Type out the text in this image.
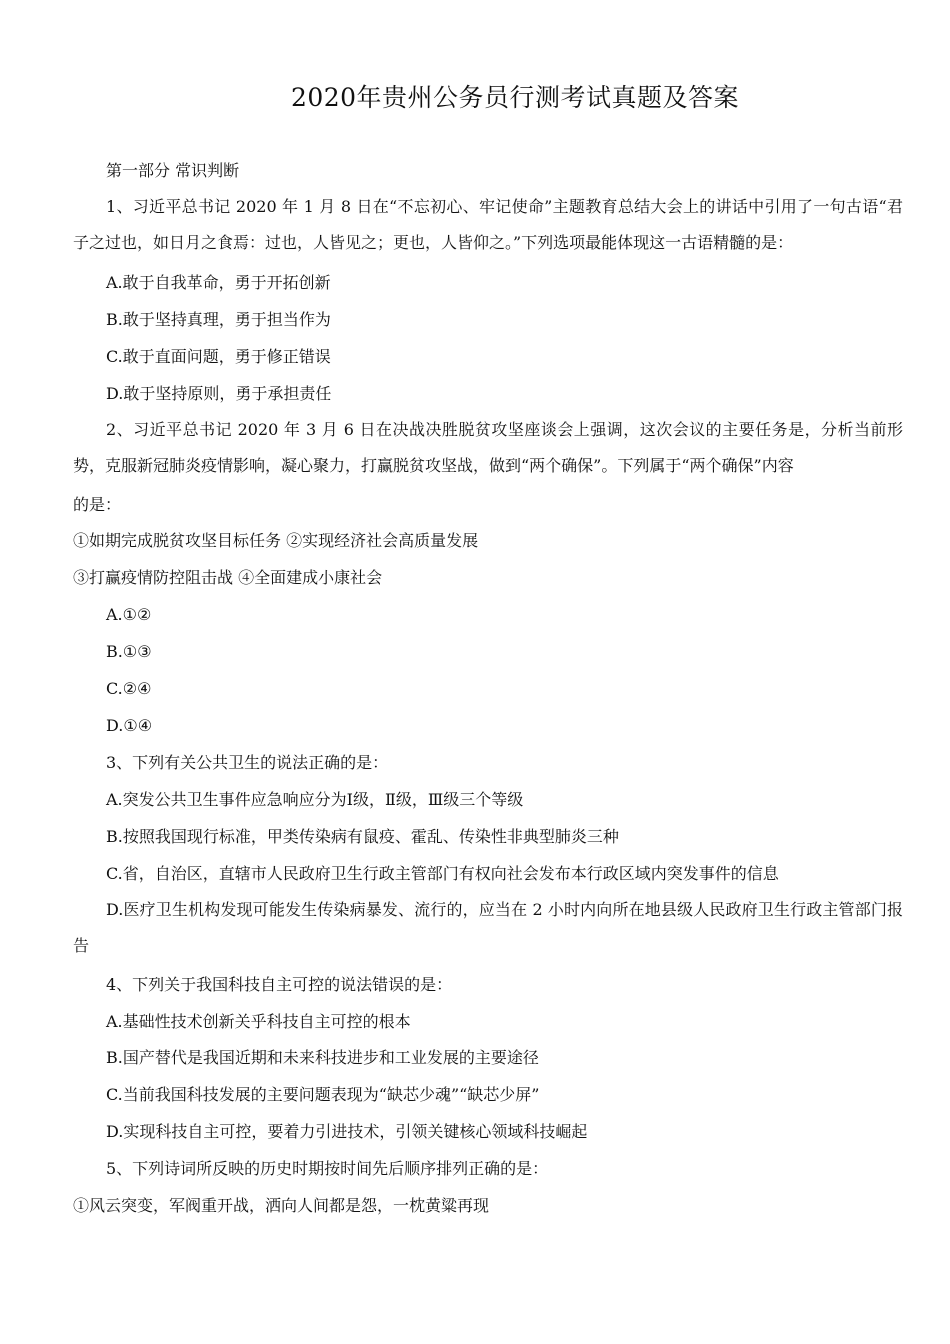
2020年贵州公务员行测考试真题及答案
第一部分 常识判断
1、习近平总书记 2020 年 1 月 8 日在“不忘初心、牢记使命”主题教育总结大会上的讲话中引用了一句古语“君子之过也，如日月之食焉：过也，人皆见之；更也，人皆仰之。”下列选项最能体现这一古语精髓的是：
A.敢于自我革命，勇于开拓创新
B.敢于坚持真理，勇于担当作为
C.敢于直面问题，勇于修正错误
D.敢于坚持原则，勇于承担责任
2、习近平总书记 2020 年 3 月 6 日在决战决胜脱贫攻坚座谈会上强调，这次会议的主要任务是，分析当前形势，克服新冠肺炎疫情影响，凝心聚力，打赢脱贫攻坚战，做到“两个确保”。下列属于“两个确保”内容
的是：
①如期完成脱贫攻坚目标任务 ②实现经济社会高质量发展
③打赢疫情防控阻击战 ④全面建成小康社会
A.①②
B.①③
C.②④
D.①④
3、下列有关公共卫生的说法正确的是：
A.突发公共卫生事件应急响应分为Ⅰ级，Ⅱ级，Ⅲ级三个等级
B.按照我国现行标准，甲类传染病有鼠疫、霍乱、传染性非典型肺炎三种
C.省，自治区，直辖市人民政府卫生行政主管部门有权向社会发布本行政区域内突发事件的信息
D.医疗卫生机构发现可能发生传染病暴发、流行的，应当在 2 小时内向所在地县级人民政府卫生行政主管部门报告
4、下列关于我国科技自主可控的说法错误的是：
A.基础性技术创新关乎科技自主可控的根本
B.国产替代是我国近期和未来科技进步和工业发展的主要途径
C.当前我国科技发展的主要问题表现为“缺芯少魂”“缺芯少屏”
D.实现科技自主可控，要着力引进技术，引领关键核心领域科技崛起
5、下列诗词所反映的历史时期按时间先后顺序排列正确的是：
①风云突变，军阀重开战，洒向人间都是怨，一枕黄粱再现
